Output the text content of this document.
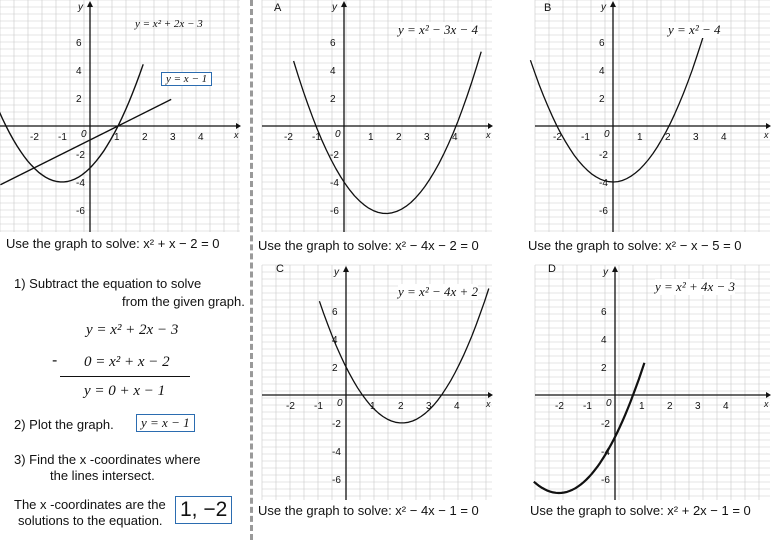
x
y
0
-2 -1	1 2 3 4
6
4
2
-2
-4
-6
y = x² + 2x − 3
y = x − 1
Use the graph to solve: x² + x − 2 = 0
1) Subtract the equation to solve
from the given graph.
y = x² + 2x − 3
- 0 = x² + x − 2
y = 0 + x − 1
2) Plot the graph.	y = x − 1
3) Find the x -coordinates where
the lines intersect.
The x -coordinates are the
solutions to the equation. 1, −2
x
y
0
-2 -1	1 2 3 4
6
4
2
-2
-4
-6
A
y = x² − 3x − 4
Use the graph to solve: x² − 4x − 2 = 0
x
y
0
-2 -1	1 2 3 4
6
4
2
-2
-4
-6
B
y = x² − 4
Use the graph to solve: x² − x − 5 = 0
x
y
0
-2 -1	1 2 3 4
6
4
2
-2
-4
-6
C
y = x² − 4x + 2
Use the graph to solve: x² − 4x − 1 = 0
x
y
0
-2 -1	1 2 3 4
6
4
2
-2
-4
-6
D
y = x² + 4x − 3
Use the graph to solve: x² + 2x − 1 = 0
